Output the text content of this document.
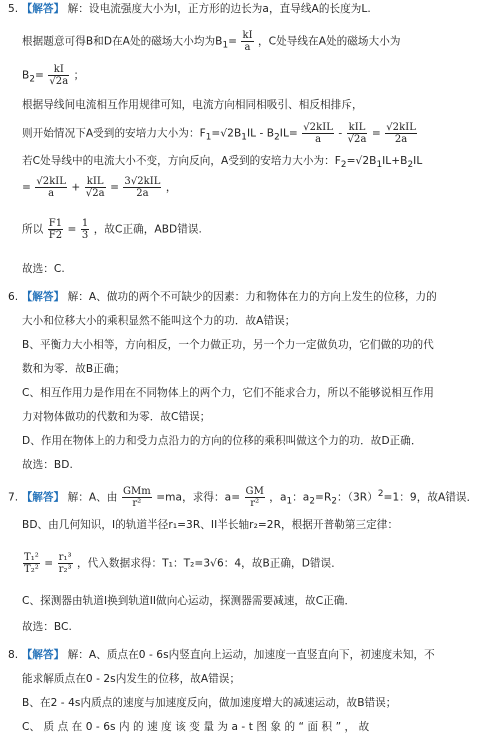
5. 【解答】 解：设电流强度大小为I，正方形的边长为a，直导线A的长度为L.
根据题意可得B和D在A处的磁场大小均为$B_1= \frac{kI}{a}$ ，C处导线在A处的磁场大小为
$B_2= \frac{kI}{√2a}$ ；
根据导线间电流相互作用规律可知，电流方向相同相吸引、相反相排斥，
则开始情况下A受到的安培力大小为：$F_1=√2B_1IL - B_2IL= \frac{\text{√2kIL}}{a} - \frac{\text{kIL}}{√2a} = \frac{\text{√2kIL}}{2a}$
若C处导线中的电流大小不变，方向反向，A受到的安培力大小为：$F_2=√2B_1IL+B_2IL$
= $\frac{\text{√2kIL}}{a} + \frac{\text{kIL}}{√2a} = \frac{\text{3√2kIL}}{2a}$ ，
所以 $\frac{F1}{F2} = \frac{1}{3}$ ，故C正确，ABD错误.
故选：C.
6. 【解答】 解：A、做功的两个不可缺少的因素：力和物体在力的方向上发生的位移，力的
大小和位移大小的乘积显然不能叫这个力的功．故A错误；
B、平衡力大小相等，方向相反，一个力做正功，另一个力一定做负功，它们做的功的代
数和为零．故B正确；
C、相互作用力是作用在不同物体上的两个力，它们不能求合力，所以不能够说相互作用
力对物体做功的代数和为零．故C错误；
D、作用在物体上的力和受力点沿力的方向的位移的乘积叫做这个力的功．故D正确．
故选：BD.
7. 【解答】 解：A、由 $\frac{\text{GMm}}{\text{r²}} =ma$，求得：$a= \frac{GM}{\text{r²}}$ ，$a_1$：$a_2=R_2$：$(3R)^2=1$：9，故A错误．
BD、由几何知识，I的轨道半径r₁=3R、II半长轴r₂=2R，根据开普勒第三定律：
$\frac{\text{T₁²}}{\text{T₂²}} = \frac{\text{r₁³}}{\text{r₂³}}$ ，代入数据求得：T₁：T₂=3√6：4，故B正确，D错误．
C、探测器由轨道I换到轨道II做向心运动，探测器需要减速，故C正确．
故选：BC.
8. 【解答】 解：A、质点在0 - 6s内竖直向上运动，加速度一直竖直向下，初速度未知，不
能求解质点在0 - 2s内发生的位移，故A错误；
B、在2 - 4s内质点的速度与加速度反向，做加速度增大的减速运动，故B错误；
C、 质 点 在 0 - 6s 内 的 速 度 该 变 量 为 a - t 图 象 的 “ 面 积 ” ， 故
